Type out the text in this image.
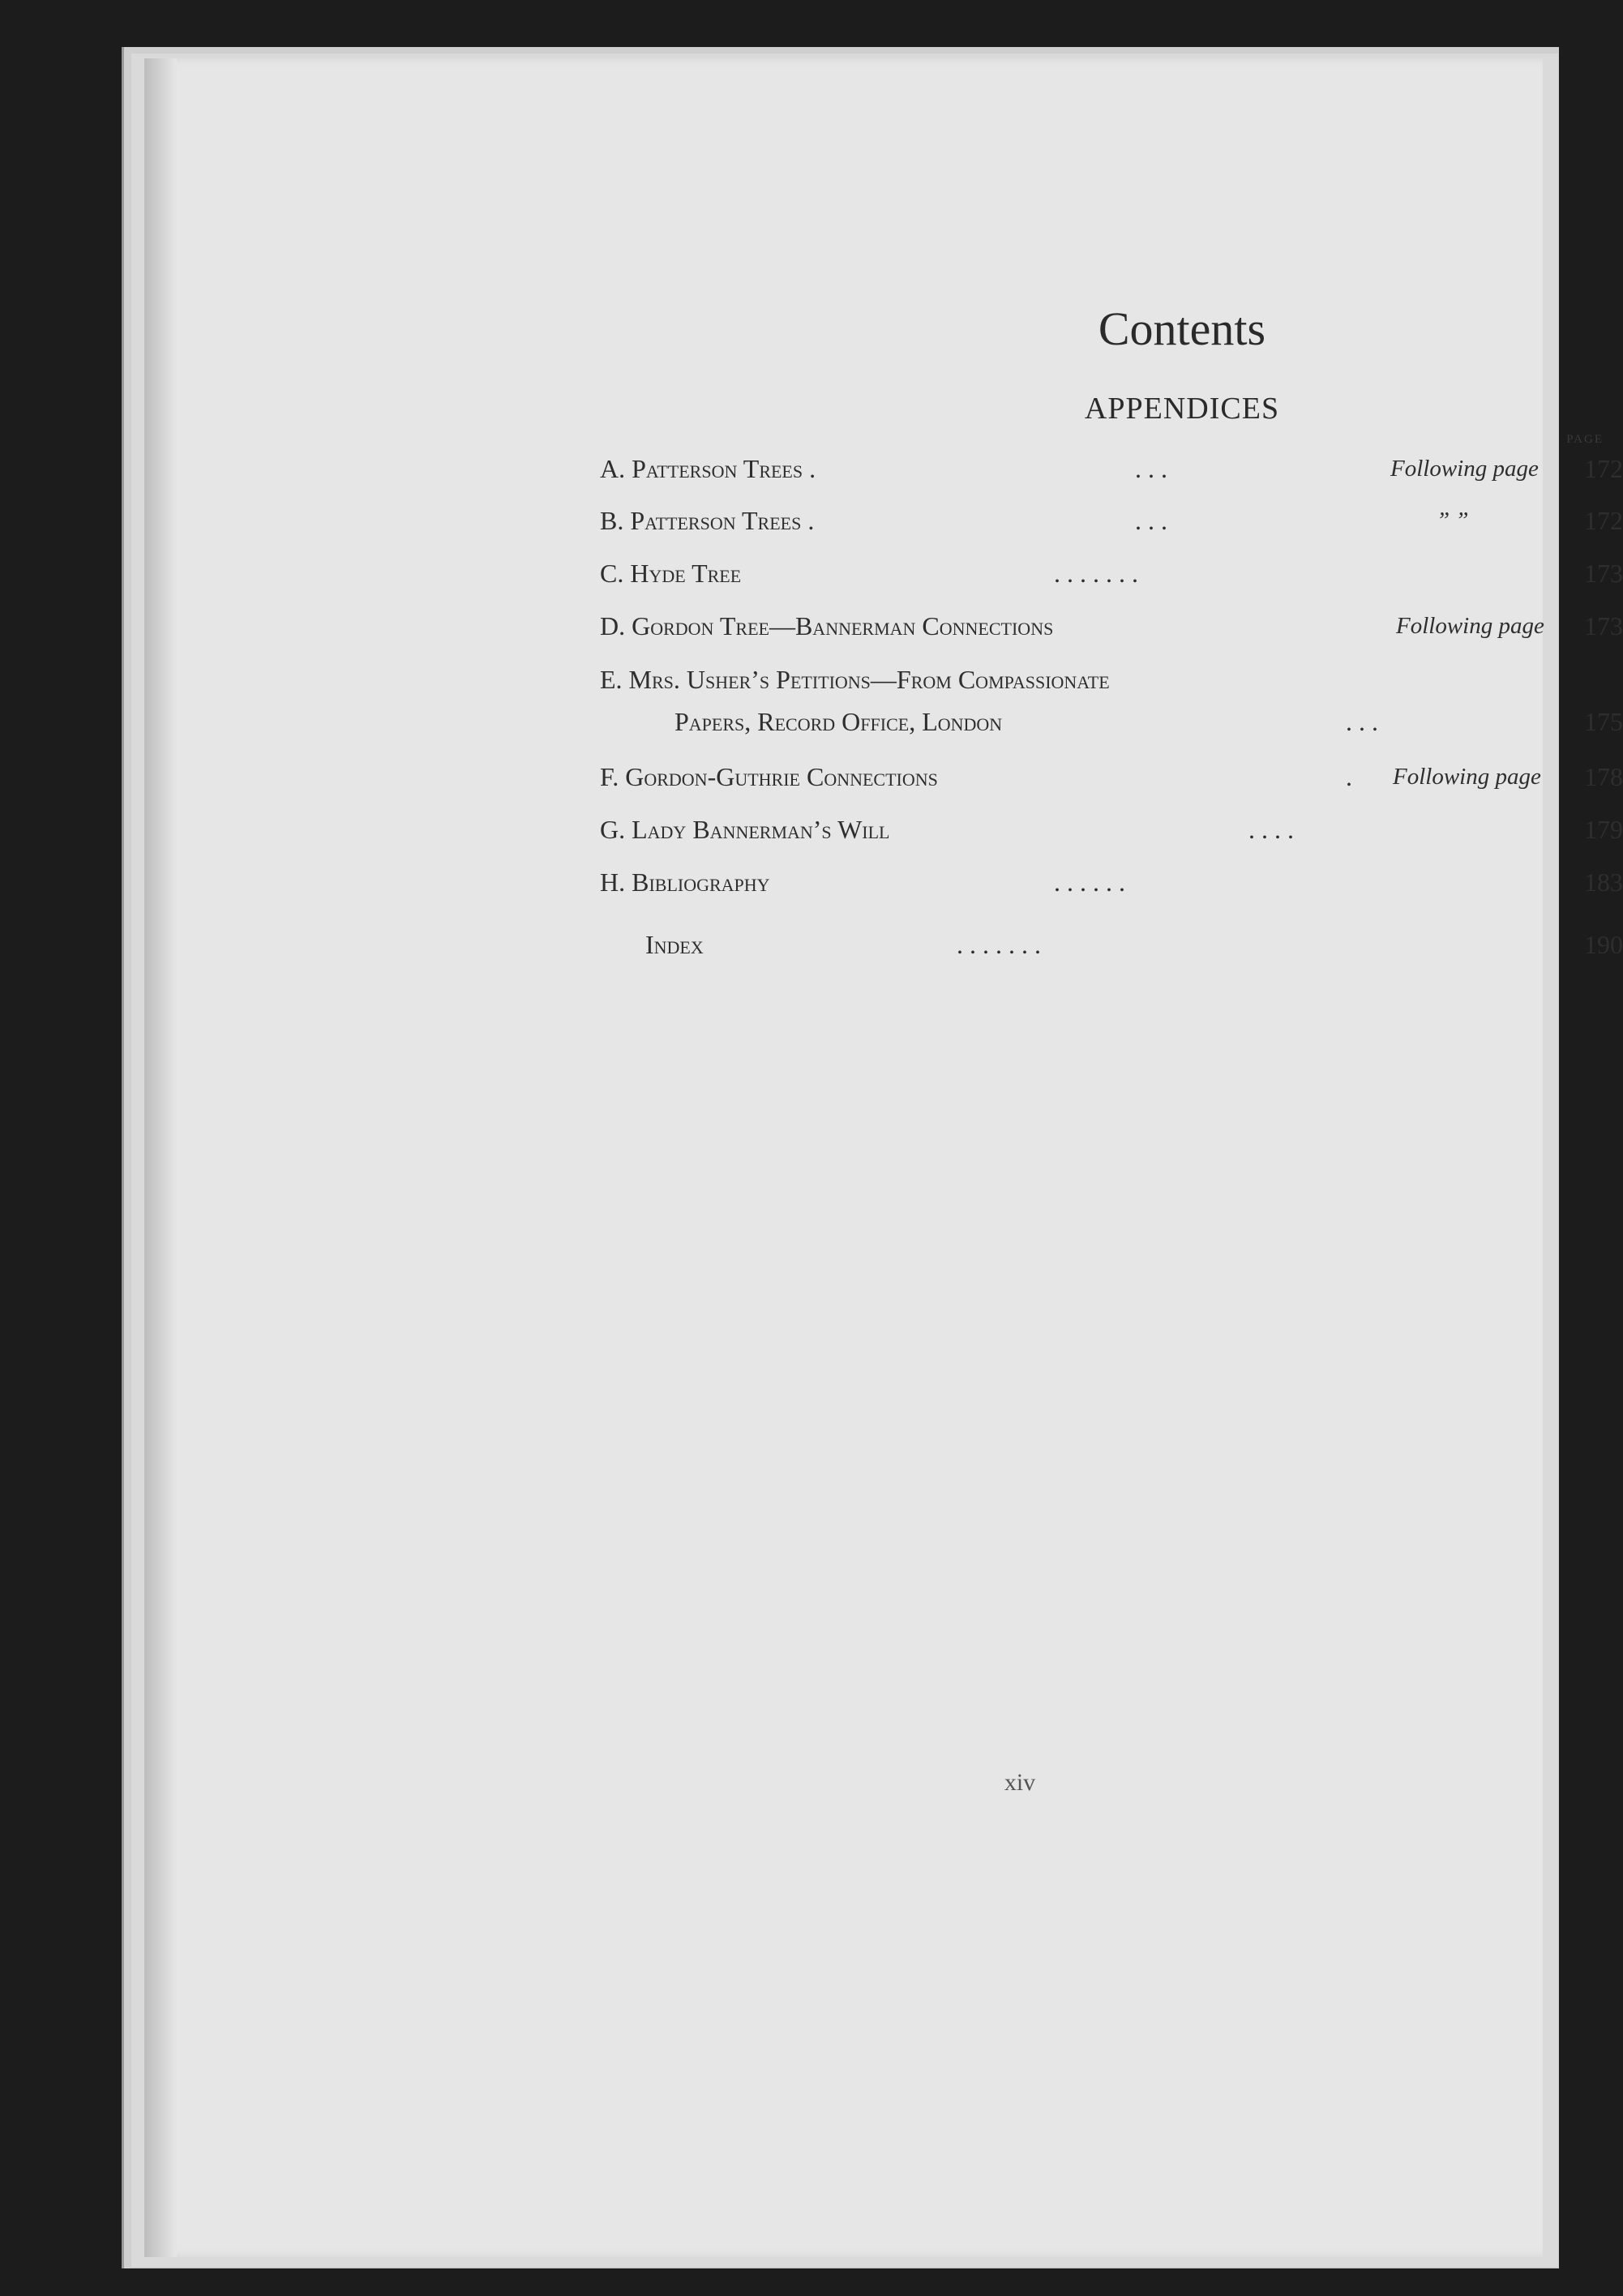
Contents
APPENDICES
PAGE
A. Patterson Trees .	. . .	Following page 172
B. Patterson Trees .	. . .	” ”	172
C. Hyde Tree	. . . . . . .	173
D. Gordon Tree—Bannerman Connections	Following page 173
E. Mrs. Usher’s Petitions—From Compassionate
Papers, Record Office, London	. . .	175
F. Gordon-Guthrie Connections	. Following page 178
G. Lady Bannerman’s Will	. . . .	179
H. Bibliography	. . . . . .	183
Index	. . . . . . .	190
xiv
